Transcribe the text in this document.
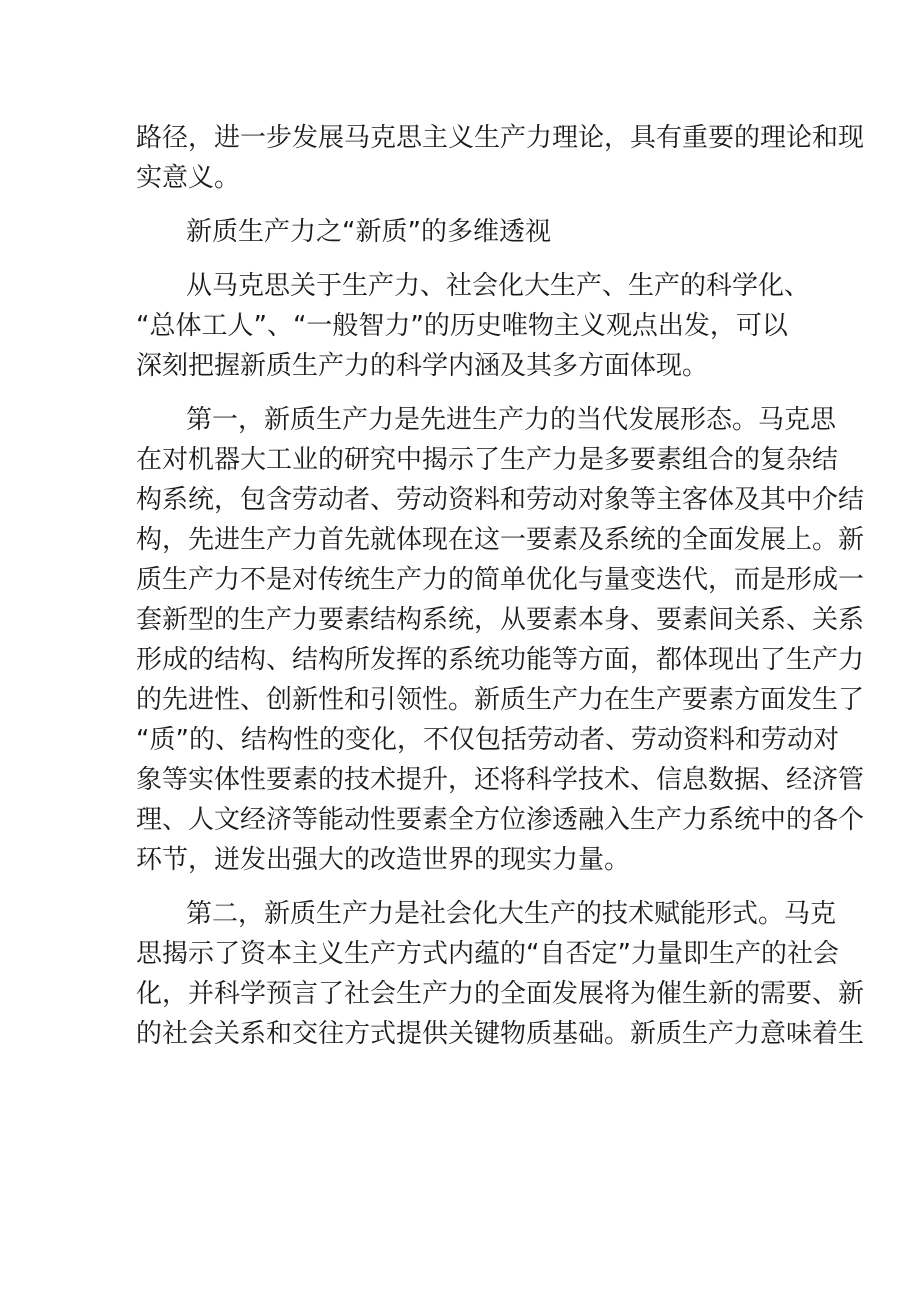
路径，进一步发展马克思主义生产力理论，具有重要的理论和现
实意义。
新质生产力之“新质”的多维透视
从马克思关于生产力、社会化大生产、生产的科学化、
“总体工人”、“一般智力”的历史唯物主义观点出发，可以
深刻把握新质生产力的科学内涵及其多方面体现。
第一，新质生产力是先进生产力的当代发展形态。马克思
在对机器大工业的研究中揭示了生产力是多要素组合的复杂结
构系统，包含劳动者、劳动资料和劳动对象等主客体及其中介结
构，先进生产力首先就体现在这一要素及系统的全面发展上。新
质生产力不是对传统生产力的简单优化与量变迭代，而是形成一
套新型的生产力要素结构系统，从要素本身、要素间关系、关系
形成的结构、结构所发挥的系统功能等方面，都体现出了生产力
的先进性、创新性和引领性。新质生产力在生产要素方面发生了
“质”的、结构性的变化，不仅包括劳动者、劳动资料和劳动对
象等实体性要素的技术提升，还将科学技术、信息数据、经济管
理、人文经济等能动性要素全方位渗透融入生产力系统中的各个
环节，迸发出强大的改造世界的现实力量。
第二，新质生产力是社会化大生产的技术赋能形式。马克
思揭示了资本主义生产方式内蕴的“自否定”力量即生产的社会
化，并科学预言了社会生产力的全面发展将为催生新的需要、新
的社会关系和交往方式提供关键物质基础。新质生产力意味着生
